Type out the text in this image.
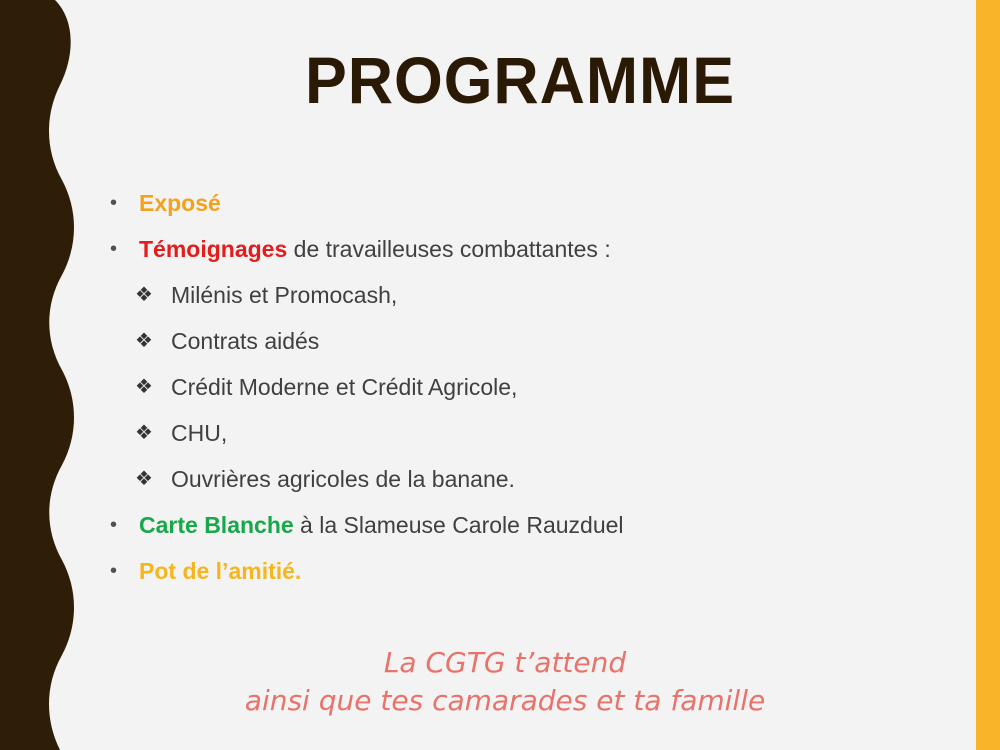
PROGRAMME
• Exposé
• Témoignages de travailleuses combattantes :
❖ Milénis et Promocash,
❖ Contrats aidés
❖ Crédit Moderne et Crédit Agricole,
❖ CHU,
❖ Ouvrières agricoles de la banane.
• Carte Blanche à la Slameuse Carole Rauzduel
• Pot de l’amitié.
La CGTG t’attend
ainsi que tes camarades et ta famille
